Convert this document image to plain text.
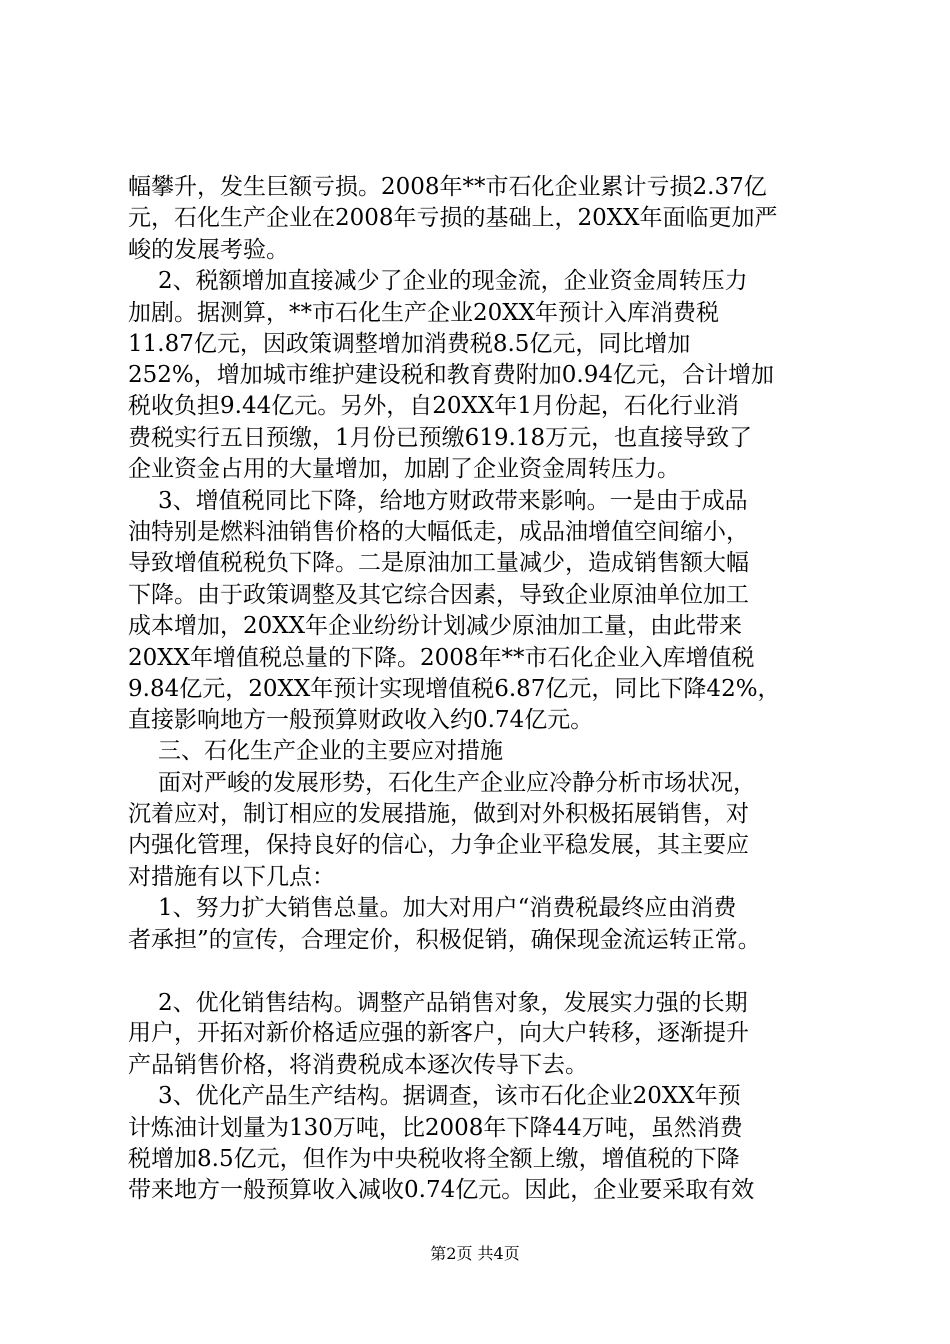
幅攀升，发生巨额亏损。2008年**市石化企业累计亏损2.37亿
元，石化生产企业在2008年亏损的基础上，20XX年面临更加严
峻的发展考验。
2、税额增加直接减少了企业的现金流，企业资金周转压力
加剧。据测算，**市石化生产企业20XX年预计入库消费税
11.87亿元，因政策调整增加消费税8.5亿元，同比增加
252%，增加城市维护建设税和教育费附加0.94亿元，合计增加
税收负担9.44亿元。另外，自20XX年1月份起，石化行业消
费税实行五日预缴，1月份已预缴619.18万元，也直接导致了
企业资金占用的大量增加，加剧了企业资金周转压力。
3、增值税同比下降，给地方财政带来影响。一是由于成品
油特别是燃料油销售价格的大幅低走，成品油增值空间缩小，
导致增值税税负下降。二是原油加工量减少，造成销售额大幅
下降。由于政策调整及其它综合因素，导致企业原油单位加工
成本增加，20XX年企业纷纷计划减少原油加工量，由此带来
20XX年增值税总量的下降。2008年**市石化企业入库增值税
9.84亿元，20XX年预计实现增值税6.87亿元，同比下降42%，
直接影响地方一般预算财政收入约0.74亿元。
三、石化生产企业的主要应对措施
面对严峻的发展形势，石化生产企业应冷静分析市场状况，
沉着应对，制订相应的发展措施，做到对外积极拓展销售，对
内强化管理，保持良好的信心，力争企业平稳发展，其主要应
对措施有以下几点：
1、努力扩大销售总量。加大对用户“消费税最终应由消费
者承担”的宣传，合理定价，积极促销，确保现金流运转正常。
2、优化销售结构。调整产品销售对象，发展实力强的长期
用户，开拓对新价格适应强的新客户，向大户转移，逐渐提升
产品销售价格，将消费税成本逐次传导下去。
3、优化产品生产结构。据调查，该市石化企业20XX年预
计炼油计划量为130万吨，比2008年下降44万吨，虽然消费
税增加8.5亿元，但作为中央税收将全额上缴，增值税的下降
带来地方一般预算收入减收0.74亿元。因此，企业要采取有效
第2页 共4页
